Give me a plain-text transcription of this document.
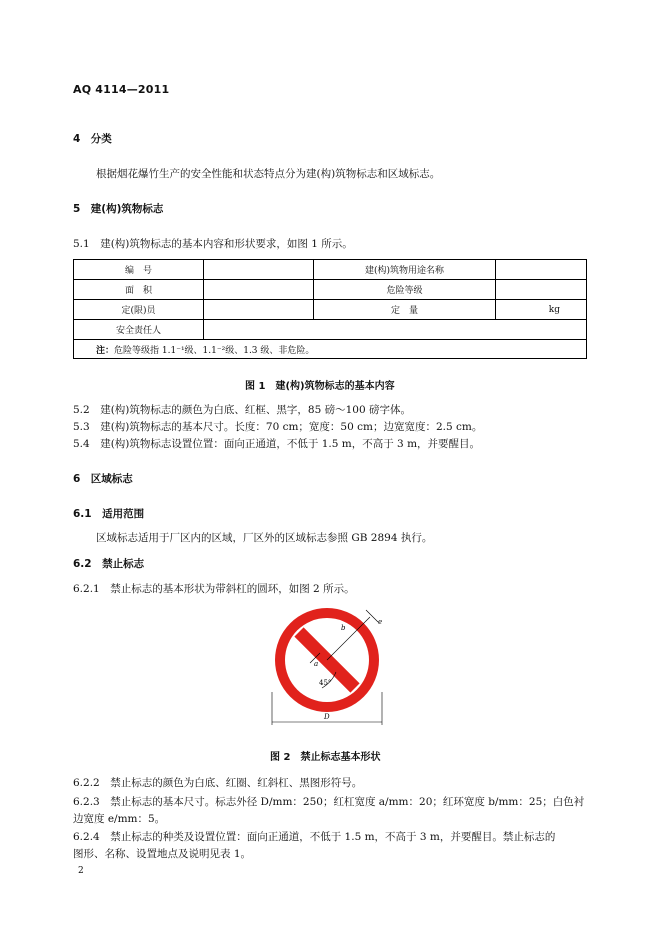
AQ 4114—2011
4　分类
根据烟花爆竹生产的安全性能和状态特点分为建(构)筑物标志和区域标志。
5　建(构)筑物标志
5.1　建(构)筑物标志的基本内容和形状要求，如图 1 所示。
编　号		建(构)筑物用途名称	
面　积		危险等级	
定(限)员		定　量	kg
安全责任人			
注：危险等级指 1.1⁻¹级、1.1⁻²级、1.3 级、非危险。			
图 1　建(构)筑物标志的基本内容
5.2　建(构)筑物标志的颜色为白底、红框、黑字，85 磅～100 磅字体。
5.3　建(构)筑物标志的基本尺寸。长度：70 cm；宽度：50 cm；边宽宽度：2.5 cm。
5.4　建(构)筑物标志设置位置：面向正通道，不低于 1.5 m，不高于 3 m，并要醒目。
6　区域标志
6.1　适用范围
区域标志适用于厂区内的区域，厂区外的区域标志参照 GB 2894 执行。
6.2　禁止标志
6.2.1　禁止标志的基本形状为带斜杠的圆环，如图 2 所示。
b
e
a
45°
D
图 2　禁止标志基本形状
6.2.2　禁止标志的颜色为白底、红圈、红斜杠、黑图形符号。
6.2.3　禁止标志的基本尺寸。标志外径 D/mm：250；红杠宽度 a/mm：20；红环宽度 b/mm：25；白色衬
边宽度 e/mm：5。
6.2.4　禁止标志的种类及设置位置：面向正通道，不低于 1.5 m，不高于 3 m，并要醒目。禁止标志的
图形、名称、设置地点及说明见表 1。
2
